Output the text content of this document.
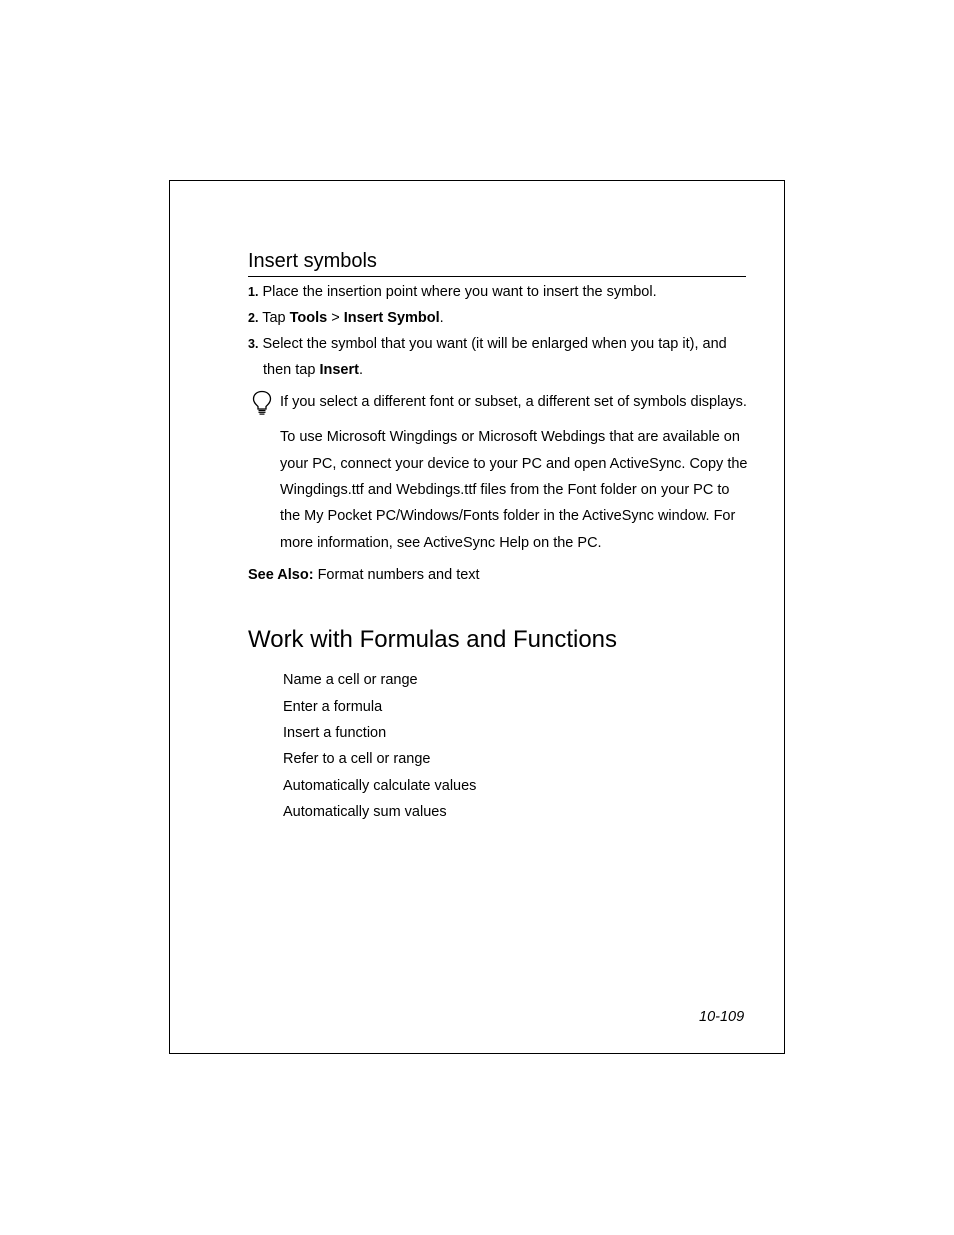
Insert symbols
1. Place the insertion point where you want to insert the symbol.
2. Tap Tools > Insert Symbol.
3. Select the symbol that you want (it will be enlarged when you tap it), and
then tap Insert.
If you select a different font or subset, a different set of symbols displays.
To use Microsoft Wingdings or Microsoft Webdings that are available on
your PC, connect your device to your PC and open ActiveSync. Copy the
Wingdings.ttf and Webdings.ttf files from the Font folder on your PC to
the My Pocket PC/Windows/Fonts folder in the ActiveSync window. For
more information, see ActiveSync Help on the PC.
See Also: Format numbers and text
Work with Formulas and Functions
Name a cell or range
Enter a formula
Insert a function
Refer to a cell or range
Automatically calculate values
Automatically sum values
10-109
